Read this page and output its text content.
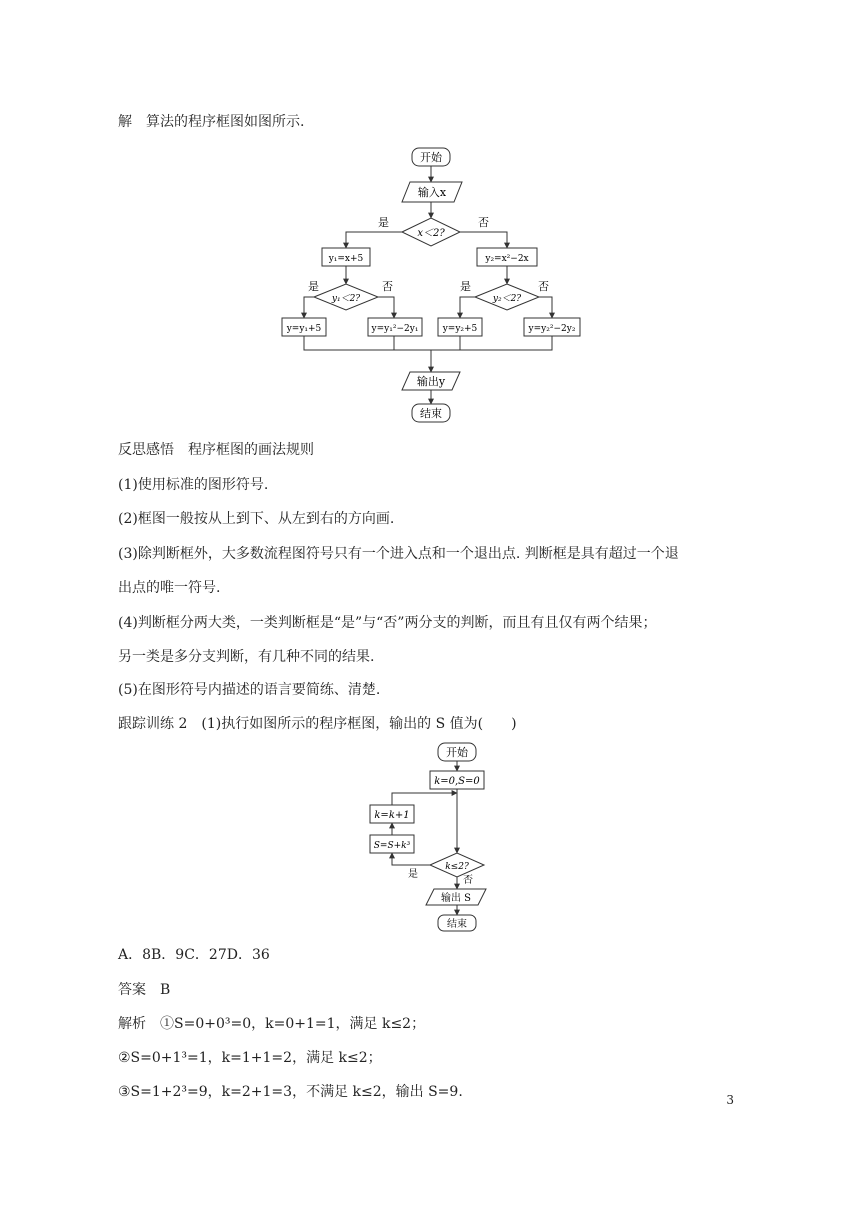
解　算法的程序框图如图所示.
开始
输入x
x＜2?
是	否
y₁=x+5	y₂=x²−2x
y₁＜2?	y₂＜2?
是	否	是	否
y=y₁+5	y=y₁²−2y₁	y=y₂+5	y=y₂²−2y₂
输出y
结束
反思感悟　程序框图的画法规则
(1)使用标准的图形符号.
(2)框图一般按从上到下、从左到右的方向画.
(3)除判断框外，大多数流程图符号只有一个进入点和一个退出点. 判断框是具有超过一个退
出点的唯一符号.
(4)判断框分两大类，一类判断框是“是”与“否”两分支的判断，而且有且仅有两个结果；
另一类是多分支判断，有几种不同的结果.
(5)在图形符号内描述的语言要简练、清楚.
跟踪训练 2　(1)执行如图所示的程序框图，输出的 S 值为(　　)
开始
k=0,S=0
k=k+1
S=S+k³
k≤2?
是
否
输出 S
结束
A．8B．9C．27D．36
答案　B
解析　①S=0+0³=0，k=0+1=1，满足 k≤2；
②S=0+1³=1，k=1+1=2，满足 k≤2；
③S=1+2³=9，k=2+1=3，不满足 k≤2，输出 S=9.	3
